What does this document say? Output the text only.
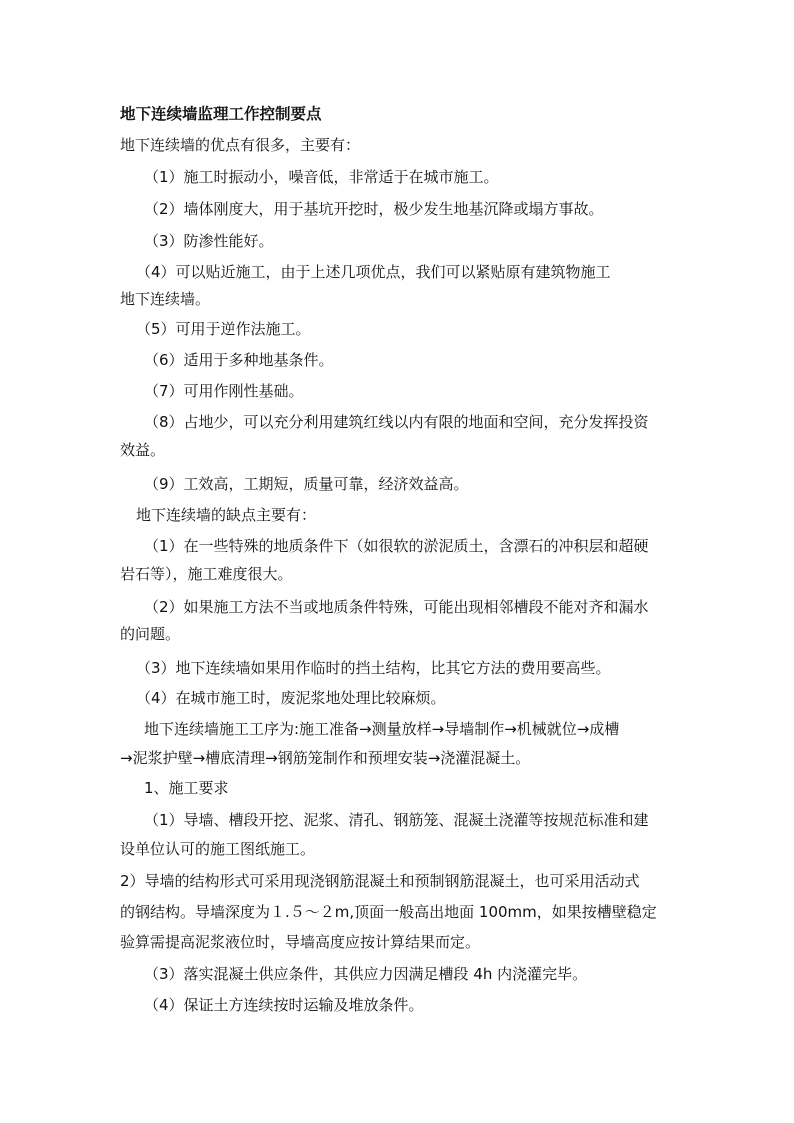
地下连续墙监理工作控制要点
地下连续墙的优点有很多，主要有：
（1）施工时振动小，噪音低，非常适于在城市施工。
（2）墙体刚度大，用于基坑开挖时，极少发生地基沉降或塌方事故。
（3）防渗性能好。
（4）可以贴近施工，由于上述几项优点，我们可以紧贴原有建筑物施工
地下连续墙。
（5）可用于逆作法施工。
（6）适用于多种地基条件。
（7）可用作刚性基础。
（8）占地少，可以充分利用建筑红线以内有限的地面和空间，充分发挥投资
效益。
（9）工效高，工期短，质量可靠，经济效益高。
地下连续墙的缺点主要有：
（1）在一些特殊的地质条件下（如很软的淤泥质土，含漂石的冲积层和超硬
岩石等），施工难度很大。
（2）如果施工方法不当或地质条件特殊，可能出现相邻槽段不能对齐和漏水
的问题。
（3）地下连续墙如果用作临时的挡土结构，比其它方法的费用要高些。
（4）在城市施工时，废泥浆地处理比较麻烦。
地下连续墙施工工序为:施工准备→测量放样→导墙制作→机械就位→成槽
→泥浆护壁→槽底清理→钢筋笼制作和预埋安装→浇灌混凝土。
1、施工要求
（1）导墙、槽段开挖、泥浆、清孔、钢筋笼、混凝土浇灌等按规范标准和建
设单位认可的施工图纸施工。
2）导墙的结构形式可采用现浇钢筋混凝土和预制钢筋混凝土，也可采用活动式
的钢结构。导墙深度为１.５～２m,顶面一般高出地面 100mm，如果按槽壁稳定
验算需提高泥浆液位时，导墙高度应按计算结果而定。
（3）落实混凝土供应条件，其供应力因满足槽段 4h 内浇灌完毕。
（4）保证土方连续按时运输及堆放条件。
